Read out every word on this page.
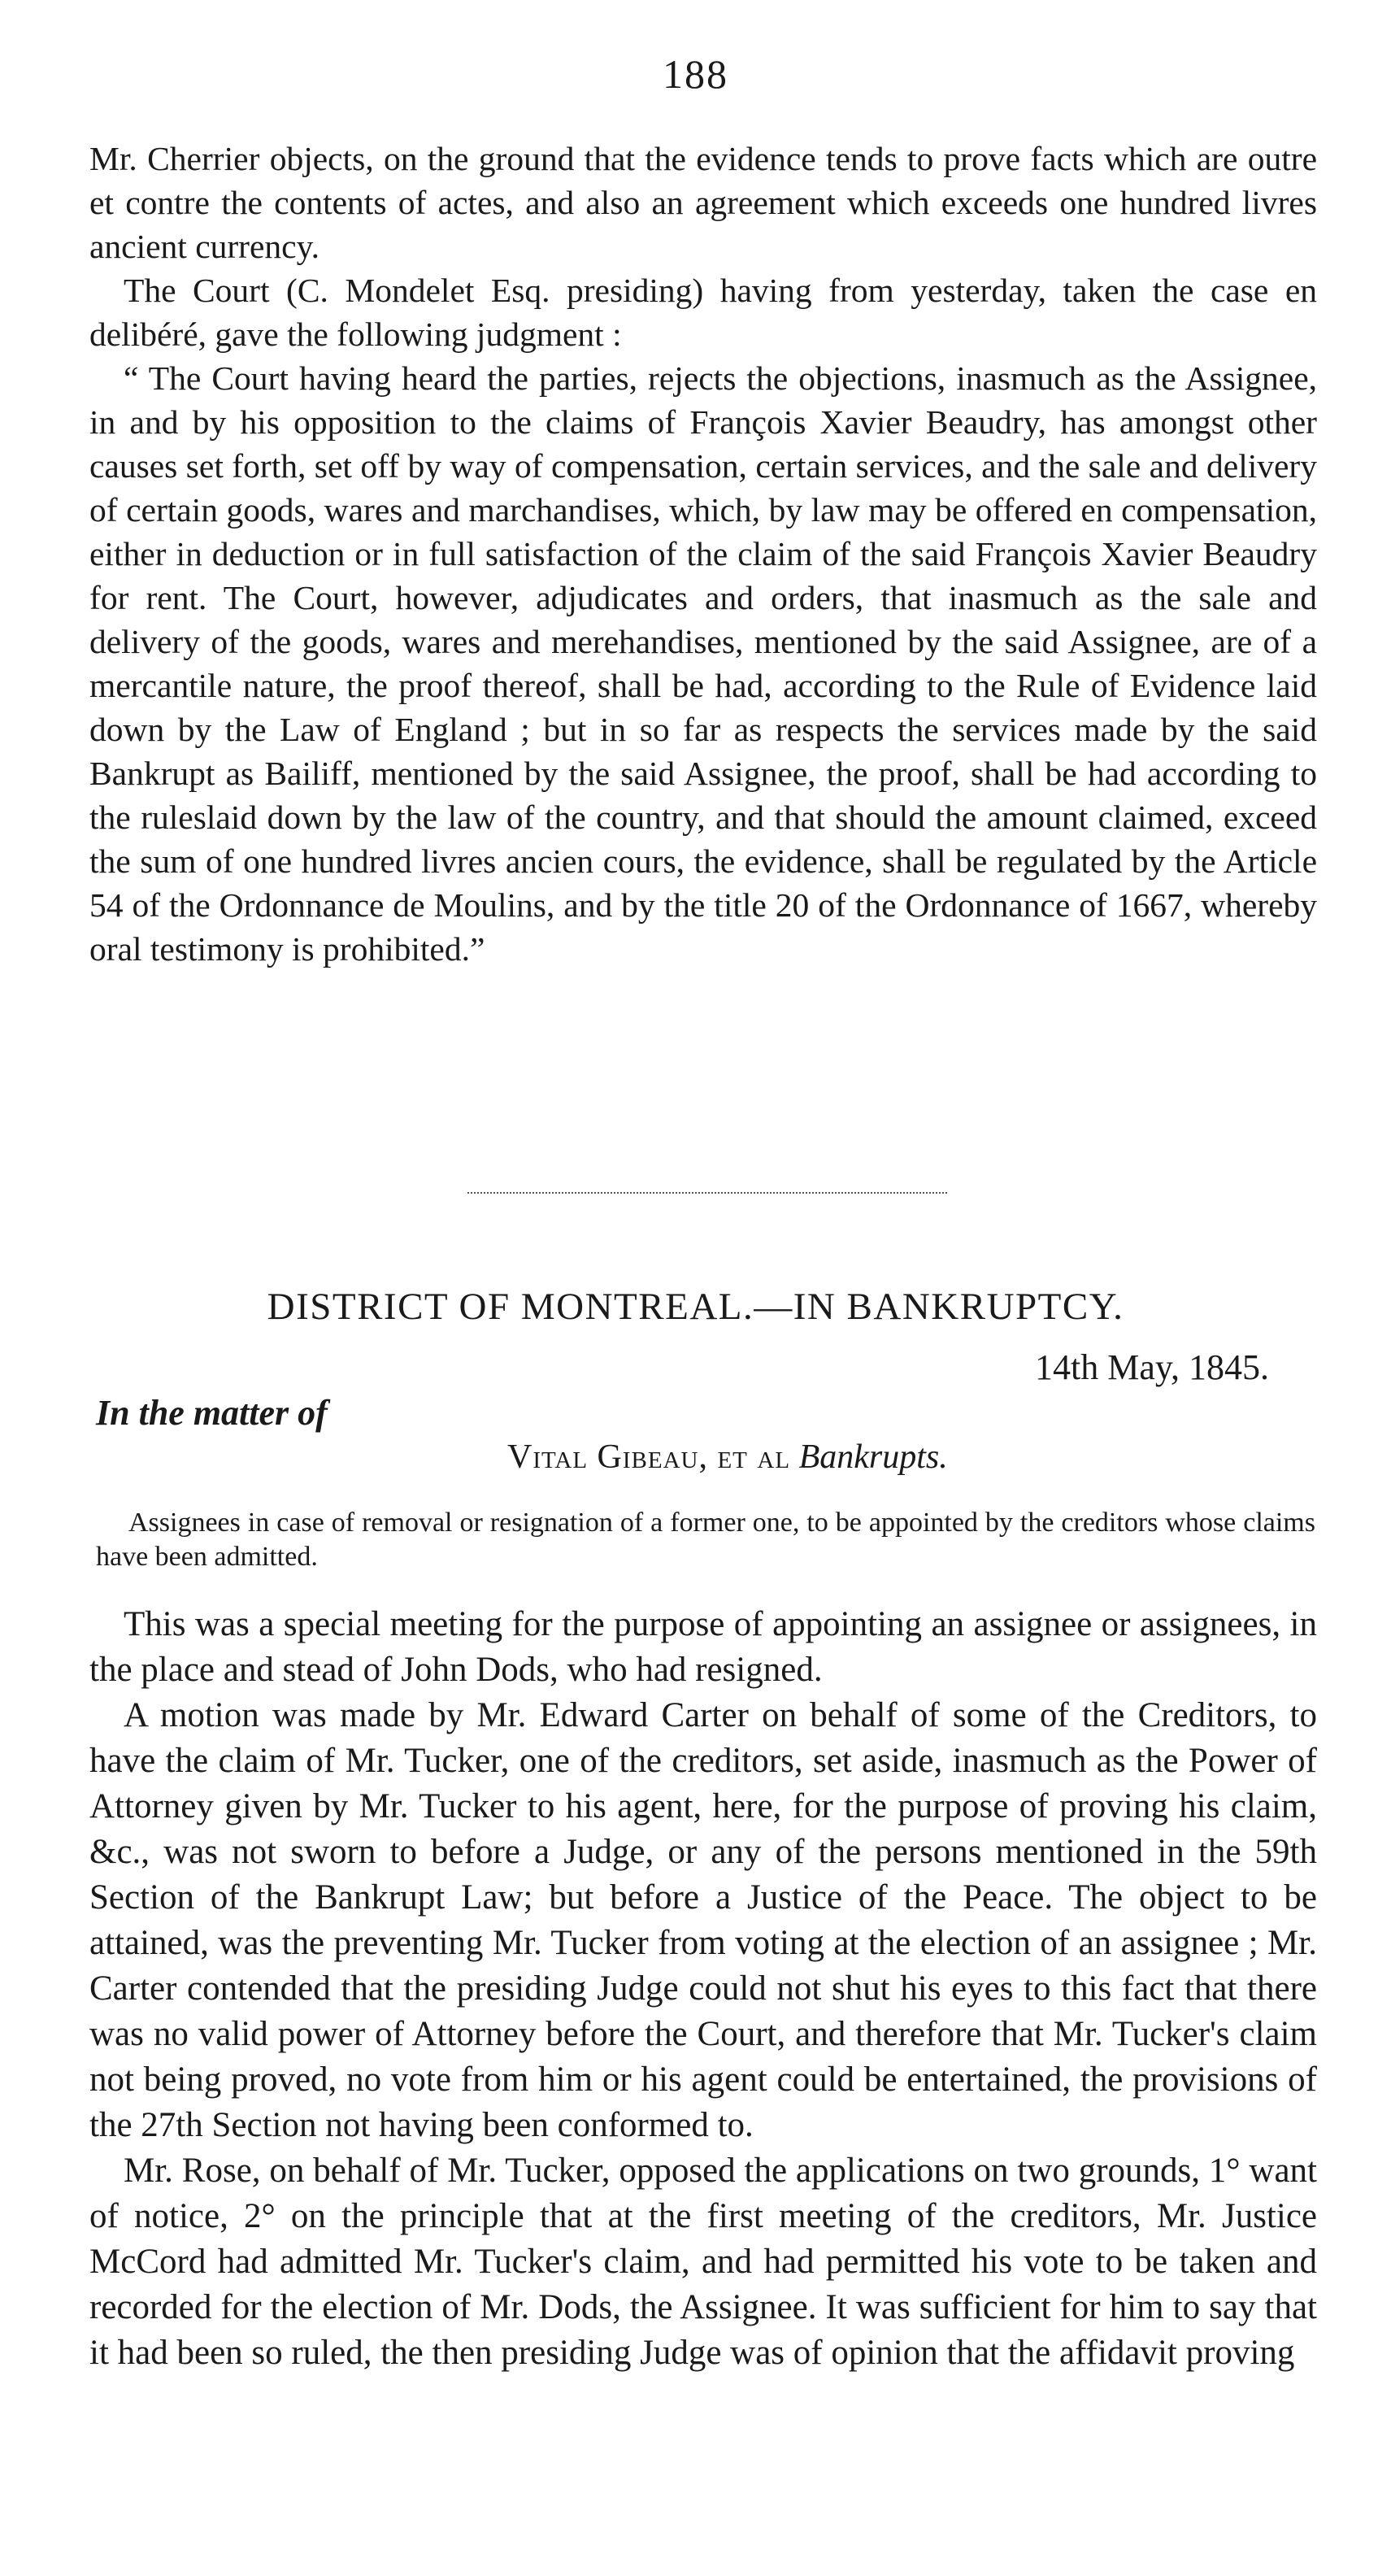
188

Mr. Cherrier objects, on the ground that the evidence tends to prove facts which are outre et contre the contents of actes, and also an agreement which exceeds one hundred livres ancient currency.

The Court (C. Mondelet Esq. presiding) having from yesterday, taken the case en delibéré, gave the following judgment :

“ The Court having heard the parties, rejects the objections, inasmuch as the Assignee, in and by his opposition to the claims of François Xavier Beaudry, has amongst other causes set forth, set off by way of compensation, certain services, and the sale and delivery of certain goods, wares and marchandises, which, by law may be offered en compensation, either in deduction or in full satisfaction of the claim of the said François Xavier Beaudry for rent. The Court, however, adjudicates and orders, that inasmuch as the sale and delivery of the goods, wares and merehandises, mentioned by the said Assignee, are of a mercantile nature, the proof thereof, shall be had, according to the Rule of Evidence laid down by the Law of England ; but in so far as respects the services made by the said Bankrupt as Bailiff, mentioned by the said Assignee, the proof, shall be had according to the ruleslaid down by the law of the country, and that should the amount claimed, exceed the sum of one hundred livres ancien cours, the evidence, shall be regulated by the Article 54 of the Ordonnance de Moulins, and by the title 20 of the Ordonnance of 1667, whereby oral testimony is prohibited.”

DISTRICT OF MONTREAL.—IN BANKRUPTCY.
14th May, 1845.
In the matter of
Vital Gibeau, et al Bankrupts.

Assignees in case of removal or resignation of a former one, to be appointed by the creditors whose claims have been admitted.

This was a special meeting for the purpose of appointing an assignee or assignees, in the place and stead of John Dods, who had resigned.

A motion was made by Mr. Edward Carter on behalf of some of the Creditors, to have the claim of Mr. Tucker, one of the creditors, set aside, inasmuch as the Power of Attorney given by Mr. Tucker to his agent, here, for the purpose of proving his claim, &c., was not sworn to before a Judge, or any of the persons mentioned in the 59th Section of the Bankrupt Law; but before a Justice of the Peace. The object to be attained, was the preventing Mr. Tucker from voting at the election of an assignee ; Mr. Carter contended that the presiding Judge could not shut his eyes to this fact that there was no valid power of Attorney before the Court, and therefore that Mr. Tucker's claim not being proved, no vote from him or his agent could be entertained, the provisions of the 27th Section not having been conformed to.

Mr. Rose, on behalf of Mr. Tucker, opposed the applications on two grounds, 1° want of notice, 2° on the principle that at the first meeting of the creditors, Mr. Justice McCord had admitted Mr. Tucker's claim, and had permitted his vote to be taken and recorded for the election of Mr. Dods, the Assignee. It was sufficient for him to say that it had been so ruled, the then presiding Judge was of opinion that the affidavit proving
